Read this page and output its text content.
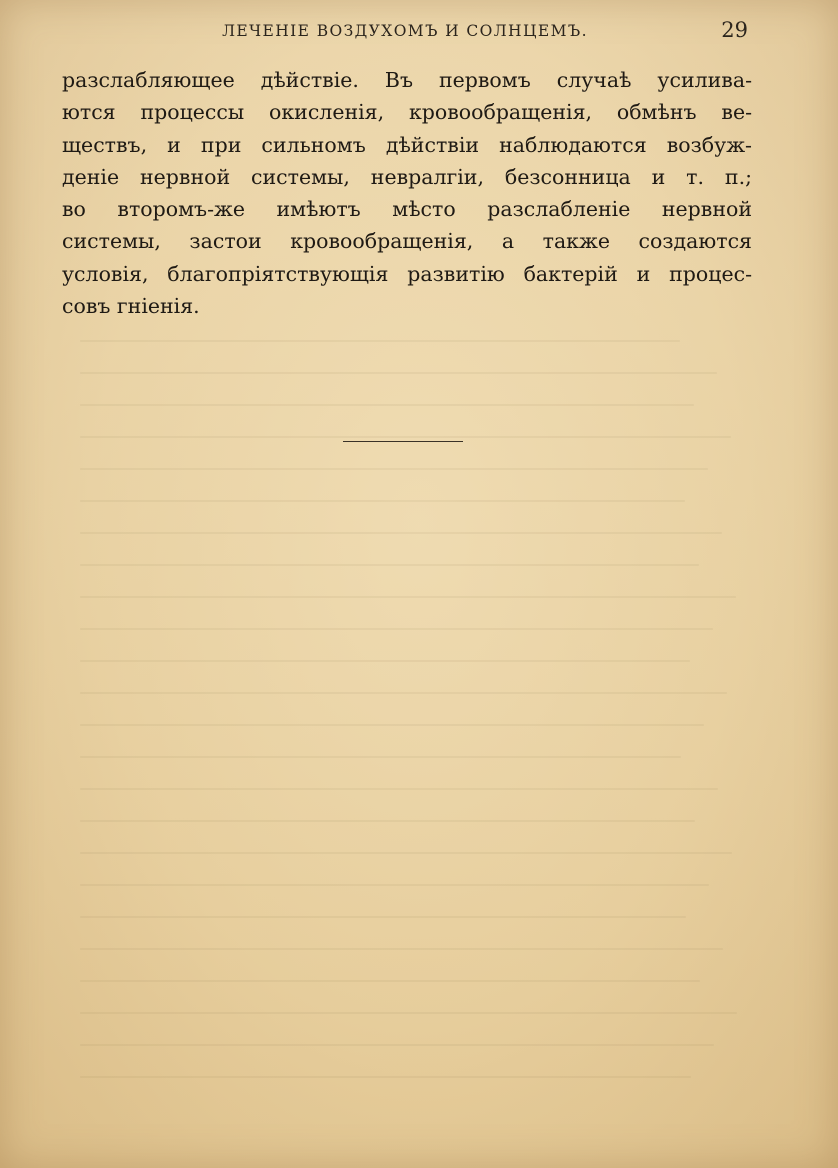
ЛЕЧЕНІЕ ВОЗДУХОМЪ И СОЛНЦЕМЪ.	29
разслабляющее дѣйствіе. Въ первомъ случаѣ усилива-
ются процессы окисленія, кровообращенія, обмѣнъ ве-
ществъ, и при сильномъ дѣйствіи наблюдаются возбуж-
деніе нервной системы, невралгіи, безсонница и т. п.;
во второмъ-же имѣютъ мѣсто разслабленіе нервной
системы, застои кровообращенія, а также создаются
условія, благопріятствующія развитію бактерій и процес-
совъ гніенія.
